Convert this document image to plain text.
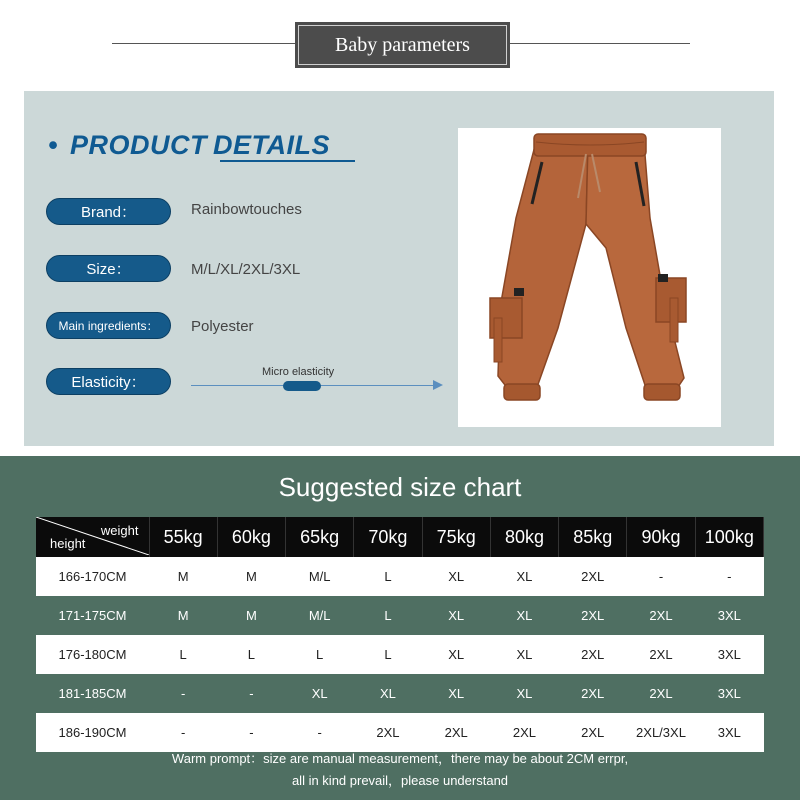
Baby parameters
• PRODUCT DETAILS
Brand：	Rainbowtouches
Size：	M/L/XL/2XL/3XL
Main ingredients：	Polyester
Elasticity：
Micro elasticity
Suggested size chart
weight
height	55kg	60kg	65kg	70kg	75kg	80kg	85kg	90kg	100kg
166-170CM	M	M	M/L	L	XL	XL	2XL	-	-
171-175CM	M	M	M/L	L	XL	XL	2XL	2XL	3XL
176-180CM	L	L	L	L	XL	XL	2XL	2XL	3XL
181-185CM	-	-	XL	XL	XL	XL	2XL	2XL	3XL
186-190CM	-	-	-	2XL	2XL	2XL	2XL	2XL/3XL	3XL
Warm prompt：size are manual measurement，there may be about 2CM errpr,
all in kind prevail，please understand
